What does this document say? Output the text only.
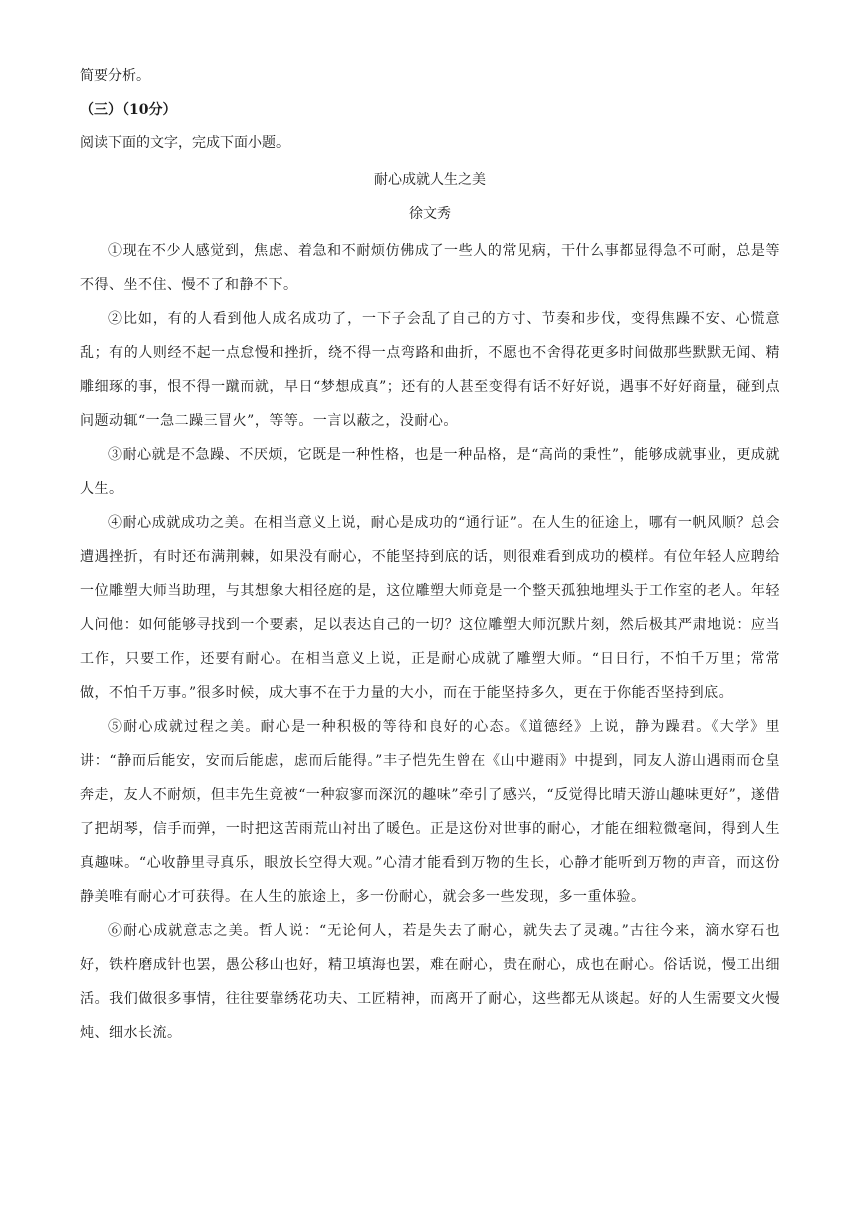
简要分析。

（三）（10分）

阅读下面的文字，完成下面小题。

耐心成就人生之美

徐文秀

①现在不少人感觉到，焦虑、着急和不耐烦仿佛成了一些人的常见病，干什么事都显得急不可耐，总是等不得、坐不住、慢不了和静不下。

②比如，有的人看到他人成名成功了，一下子会乱了自己的方寸、节奏和步伐，变得焦躁不安、心慌意乱；有的人则经不起一点怠慢和挫折，绕不得一点弯路和曲折，不愿也不舍得花更多时间做那些默默无闻、精雕细琢的事，恨不得一蹴而就，早日“梦想成真”；还有的人甚至变得有话不好好说，遇事不好好商量，碰到点问题动辄“一急二躁三冒火”，等等。一言以蔽之，没耐心。

③耐心就是不急躁、不厌烦，它既是一种性格，也是一种品格，是“高尚的秉性”，能够成就事业，更成就人生。

④耐心成就成功之美。在相当意义上说，耐心是成功的“通行证”。在人生的征途上，哪有一帆风顺？总会遭遇挫折，有时还布满荆棘，如果没有耐心，不能坚持到底的话，则很难看到成功的模样。有位年轻人应聘给一位雕塑大师当助理，与其想象大相径庭的是，这位雕塑大师竟是一个整天孤独地埋头于工作室的老人。年轻人问他：如何能够寻找到一个要素，足以表达自己的一切？这位雕塑大师沉默片刻，然后极其严肃地说：应当工作，只要工作，还要有耐心。在相当意义上说，正是耐心成就了雕塑大师。“日日行，不怕千万里；常常做，不怕千万事。”很多时候，成大事不在于力量的大小，而在于能坚持多久，更在于你能否坚持到底。

⑤耐心成就过程之美。耐心是一种积极的等待和良好的心态。《道德经》上说，静为躁君。《大学》里讲：“静而后能安，安而后能虑，虑而后能得。”丰子恺先生曾在《山中避雨》中提到，同友人游山遇雨而仓皇奔走，友人不耐烦，但丰先生竟被“一种寂寥而深沉的趣味”牵引了感兴，“反觉得比晴天游山趣味更好”，遂借了把胡琴，信手而弹，一时把这苦雨荒山衬出了暖色。正是这份对世事的耐心，才能在细粒微毫间，得到人生真趣味。“心收静里寻真乐，眼放长空得大观。”心清才能看到万物的生长，心静才能听到万物的声音，而这份静美唯有耐心才可获得。在人生的旅途上，多一份耐心，就会多一些发现，多一重体验。

⑥耐心成就意志之美。哲人说：“无论何人，若是失去了耐心，就失去了灵魂。”古往今来，滴水穿石也好，铁杵磨成针也罢，愚公移山也好，精卫填海也罢，难在耐心，贵在耐心，成也在耐心。俗话说，慢工出细活。我们做很多事情，往往要靠绣花功夫、工匠精神，而离开了耐心，这些都无从谈起。好的人生需要文火慢炖、细水长流。
